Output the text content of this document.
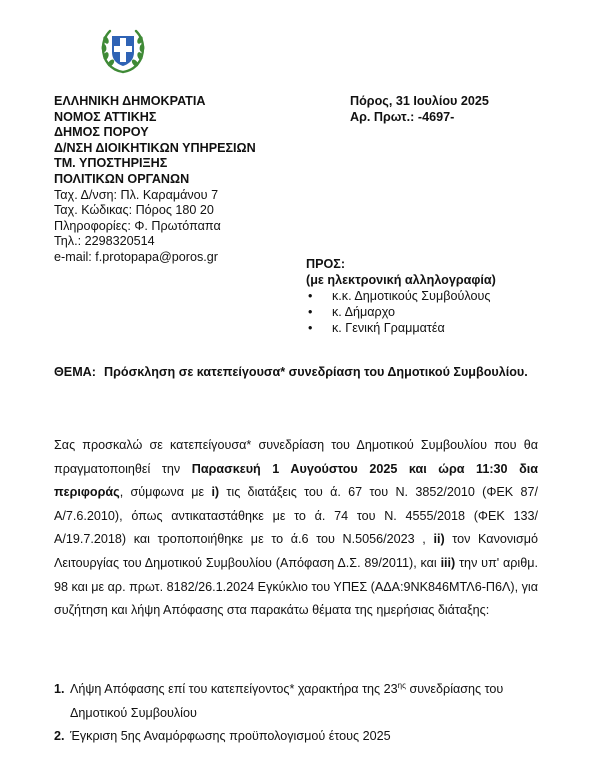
ΕΛΛΗΝΙΚΗ ΔΗΜΟΚΡΑΤΙΑ
ΝΟΜΟΣ ΑΤΤΙΚΗΣ
ΔΗΜΟΣ ΠΟΡΟΥ
Δ/ΝΣΗ ΔΙΟΙΚΗΤΙΚΩΝ ΥΠΗΡΕΣΙΩΝ
ΤΜ. ΥΠΟΣΤΗΡΙΞΗΣ
ΠΟΛΙΤΙΚΩΝ ΟΡΓΑΝΩΝ
Ταχ. Δ/νση: Πλ. Καραμάνου 7
Ταχ. Κώδικας: Πόρος 180 20
Πληροφορίες: Φ. Πρωτόπαπα
Τηλ.: 2298320514
e-mail: f.protopapa@poros.gr
Πόρος, 31 Ιουλίου 2025
Αρ. Πρωτ.: -4697-
ΠΡΟΣ:
(με ηλεκτρονική αλληλογραφία)
• κ.κ. Δημοτικούς Συμβούλους
• κ. Δήμαρχο
• κ. Γενική Γραμματέα
ΘΕΜΑ: Πρόσκληση σε κατεπείγουσα* συνεδρίαση του Δημοτικού Συμβουλίου.
Σας προσκαλώ σε κατεπείγουσα* συνεδρίαση του Δημοτικού Συμβουλίου που θα πραγματοποιηθεί την Παρασκευή 1 Αυγούστου 2025 και ώρα 11:30 δια περιφοράς, σύμφωνα με i) τις διατάξεις του ά. 67 του Ν. 3852/2010 (ΦΕΚ 87/Α/7.6.2010), όπως αντικαταστάθηκε με το ά. 74 του Ν. 4555/2018 (ΦΕΚ 133/Α/19.7.2018) και τροποποιήθηκε με το ά.6 του Ν.5056/2023 , ii) τον Κανονισμό Λειτουργίας του Δημοτικού Συμβουλίου (Απόφαση Δ.Σ. 89/2011), και iii) την υπ' αριθμ. 98 και με αρ. πρωτ. 8182/26.1.2024 Εγκύκλιο του ΥΠΕΣ (ΑΔΑ:9ΝΚ846ΜΤΛ6-Π6Λ), για συζήτηση και λήψη Απόφασης στα παρακάτω θέματα της ημερήσιας διάταξης:
1. Λήψη Απόφασης επί του κατεπείγοντος* χαρακτήρα της $23^{\eta\varsigma}$ συνεδρίασης του Δημοτικού Συμβουλίου
2. Έγκριση 5ης Αναμόρφωσης προϋπολογισμού έτους 2025
